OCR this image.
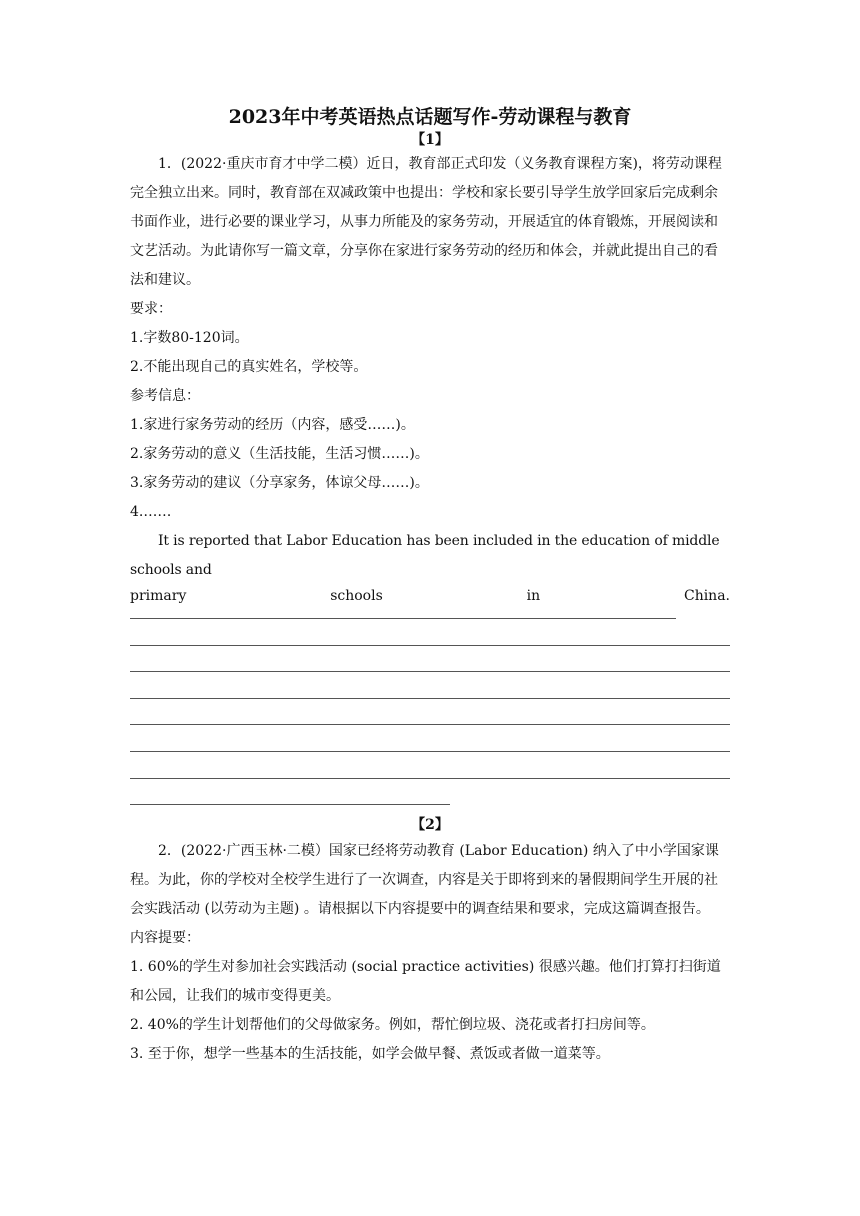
2023年中考英语热点话题写作-劳动课程与教育
【1】

1．(2022·重庆市育才中学二模）近日，教育部正式印发（义务教育课程方案)，将劳动课程完全独立出来。同时，教育部在双减政策中也提出：学校和家长要引导学生放学回家后完成剩余书面作业，进行必要的课业学习，从事力所能及的家务劳动，开展适宜的体育锻炼，开展阅读和文艺活动。为此请你写一篇文章，分享你在家进行家务劳动的经历和体会，并就此提出自己的看法和建议。

要求：

1.字数80-120词。

2.不能出现自己的真实姓名，学校等。

参考信息：

1.家进行家务劳动的经历（内容，感受……)。

2.家务劳动的意义（生活技能，生活习惯……)。

3.家务劳动的建议（分享家务，体谅父母……)。

4.……

It is reported that Labor Education has been included in the education of middle schools and

primary schools in China.

【2】

2．(2022·广西玉林·二模）国家已经将劳动教育 (Labor Education) 纳入了中小学国家课程。为此，你的学校对全校学生进行了一次调查，内容是关于即将到来的暑假期间学生开展的社会实践活动 (以劳动为主题) 。请根据以下内容提要中的调查结果和要求，完成这篇调查报告。

内容提要：

1. 60%的学生对参加社会实践活动 (social practice activities) 很感兴趣。他们打算打扫街道和公园，让我们的城市变得更美。

2. 40%的学生计划帮他们的父母做家务。例如，帮忙倒垃圾、浇花或者打扫房间等。

3. 至于你，想学一些基本的生活技能，如学会做早餐、煮饭或者做一道菜等。
